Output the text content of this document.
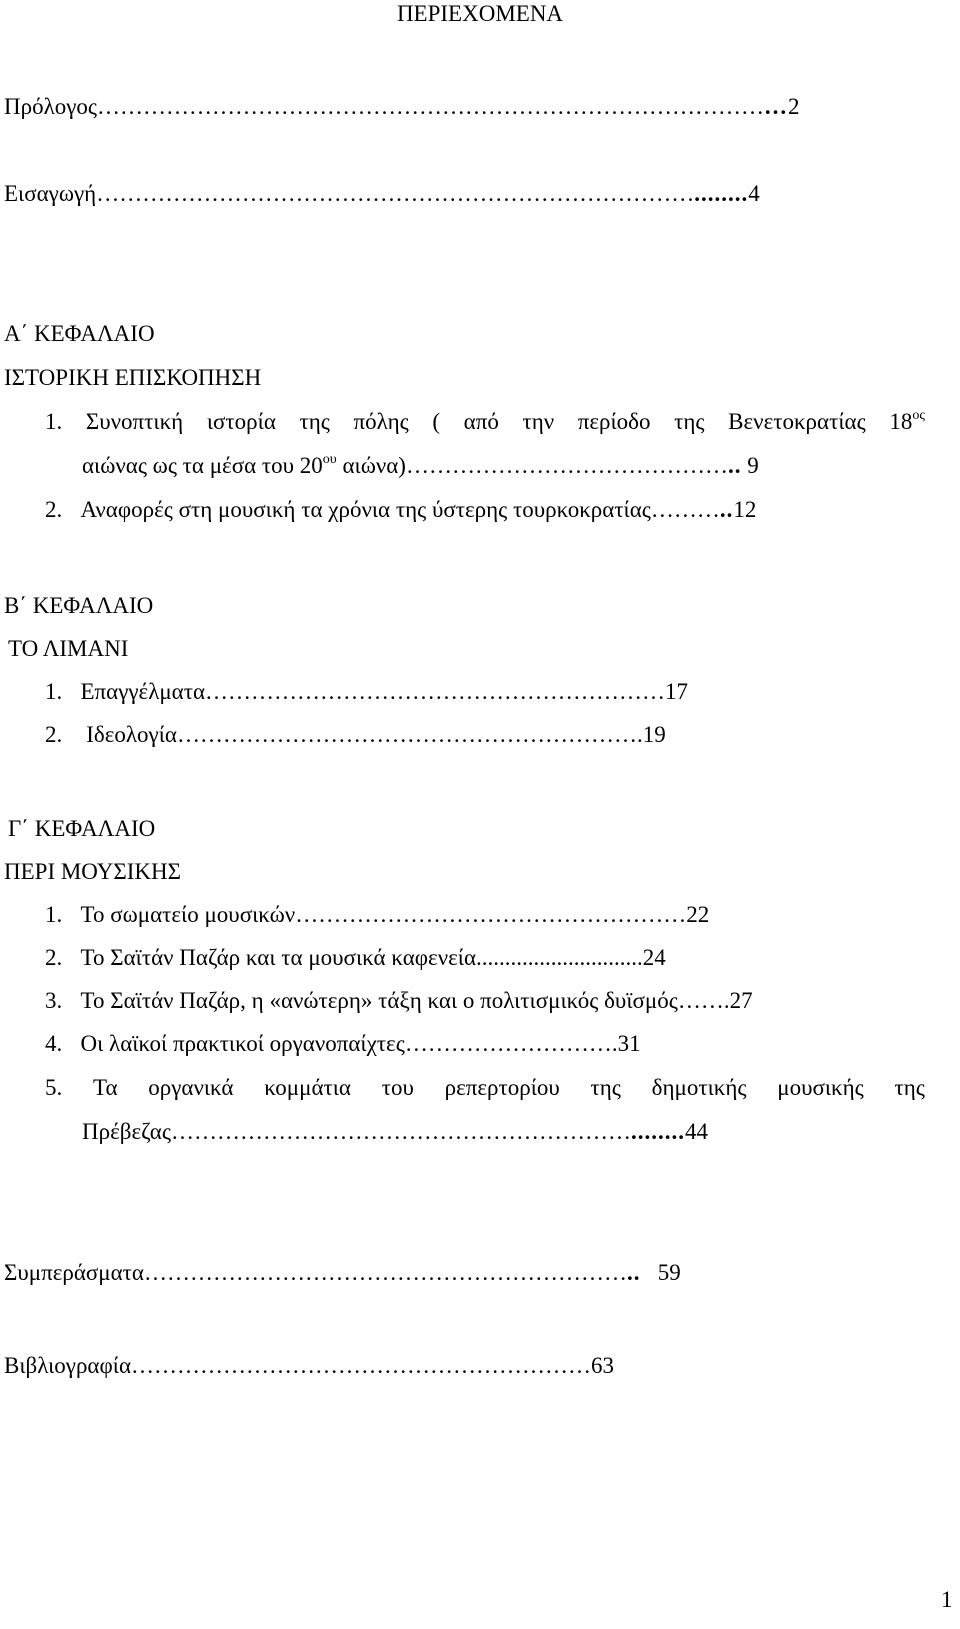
ΠΕΡΙΕΧΟΜΕΝΑ
Πρόλογος………………………………………………………………………………2
Εισαγωγή……………………………………………………………………........4
Α΄ ΚΕΦΑΛΑΙΟ
ΙΣΤΟΡΙΚΗ ΕΠΙΣΚΟΠΗΣΗ
1. Συνοπτική ιστορία της πόλης ( από την περίοδο της Βενετοκρατίας $18^{o\varsigma}$
αιώνας ως τα μέσα του $20^{o\upsilon}$ αιώνα)…………………………………….. 9
2. Αναφορές στη μουσική τα χρόνια της ύστερης τουρκοκρατίας………..12
Β΄ ΚΕΦΑΛΑΙΟ
ΤΟ ΛΙΜΑΝΙ
1. Επαγγέλματα……………………………………………………17
2. Ιδεολογία…………………………………………………….19
Γ΄ ΚΕΦΑΛΑΙΟ
ΠΕΡΙ ΜΟΥΣΙΚΗΣ
1. Το σωματείο μουσικών……………………………………………22
2. Το Σαϊτάν Παζάρ και τα μουσικά καφενεία.............................24
3. Το Σαϊτάν Παζάρ, η «ανώτερη» τάξη και ο πολιτισμικός δυϊσμός…….27
4. Οι λαϊκοί πρακτικοί οργανοπαίχτες……………………….31
5. Τα οργανικά κομμάτια του ρεπερτορίου της δημοτικής μουσικής της
Πρέβεζας……………………………………………………........44
Συμπεράσματα……………………………………………………….. 59
Βιβλιογραφία……………………………………………………63
1
